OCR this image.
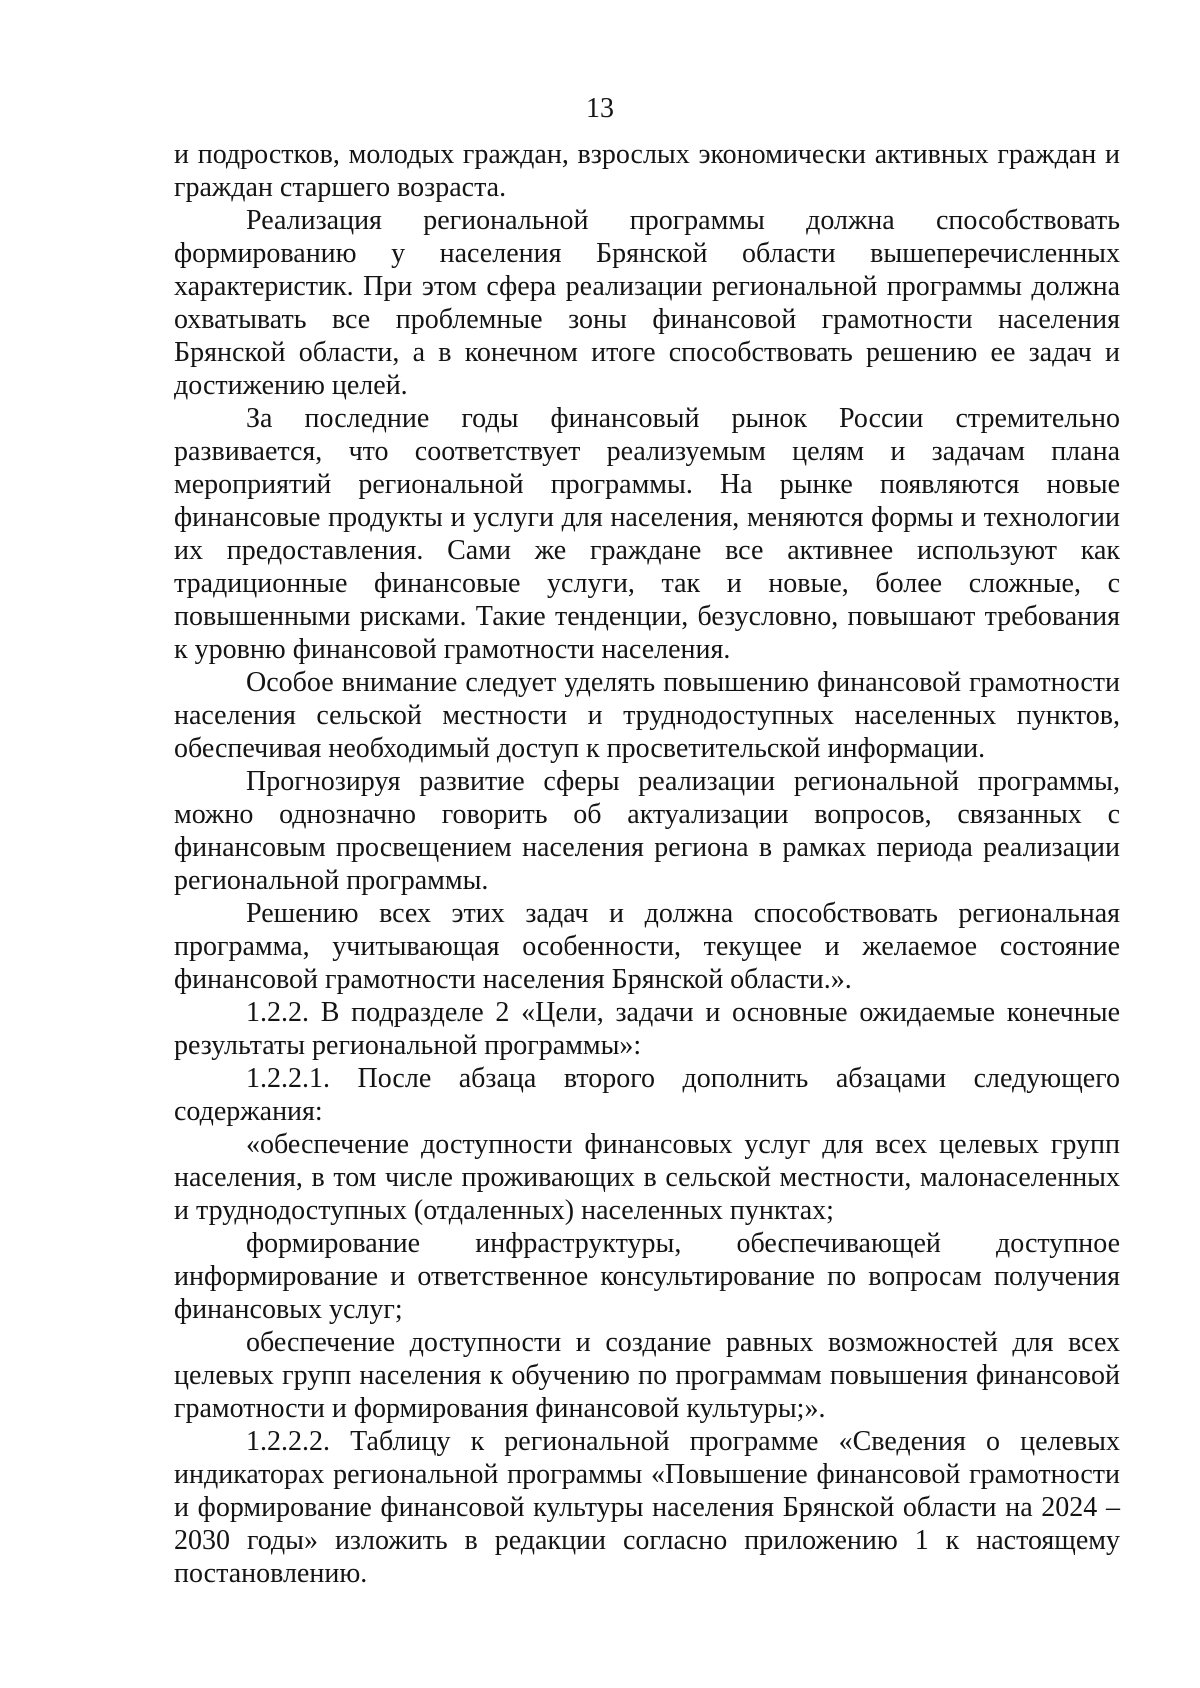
13

и подростков, молодых граждан, взрослых экономически активных граждан и граждан старшего возраста.

Реализация региональной программы должна способствовать формированию у населения Брянской области вышеперечисленных характеристик. При этом сфера реализации региональной программы должна охватывать все проблемные зоны финансовой грамотности населения Брянской области, а в конечном итоге способствовать решению ее задач и достижению целей.

За последние годы финансовый рынок России стремительно развивается, что соответствует реализуемым целям и задачам плана мероприятий региональной программы. На рынке появляются новые финансовые продукты и услуги для населения, меняются формы и технологии их предоставления. Сами же граждане все активнее используют как традиционные финансовые услуги, так и новые, более сложные, с повышенными рисками. Такие тенденции, безусловно, повышают требования к уровню финансовой грамотности населения.

Особое внимание следует уделять повышению финансовой грамотности населения сельской местности и труднодоступных населенных пунктов, обеспечивая необходимый доступ к просветительской информации.

Прогнозируя развитие сферы реализации региональной программы, можно однозначно говорить об актуализации вопросов, связанных с финансовым просвещением населения региона в рамках периода реализации региональной программы.

Решению всех этих задач и должна способствовать региональная программа, учитывающая особенности, текущее и желаемое состояние финансовой грамотности населения Брянской области.».

1.2.2. В подразделе 2 «Цели, задачи и основные ожидаемые конечные результаты региональной программы»:

1.2.2.1. После абзаца второго дополнить абзацами следующего содержания:

«обеспечение доступности финансовых услуг для всех целевых групп населения, в том числе проживающих в сельской местности, малонаселенных и труднодоступных (отдаленных) населенных пунктах;

формирование инфраструктуры, обеспечивающей доступное информирование и ответственное консультирование по вопросам получения финансовых услуг;

обеспечение доступности и создание равных возможностей для всех целевых групп населения к обучению по программам повышения финансовой грамотности и формирования финансовой культуры;».

1.2.2.2. Таблицу к региональной программе «Сведения о целевых индикаторах региональной программы «Повышение финансовой грамотности и формирование финансовой культуры населения Брянской области на 2024 – 2030 годы» изложить в редакции согласно приложению 1 к настоящему постановлению.
